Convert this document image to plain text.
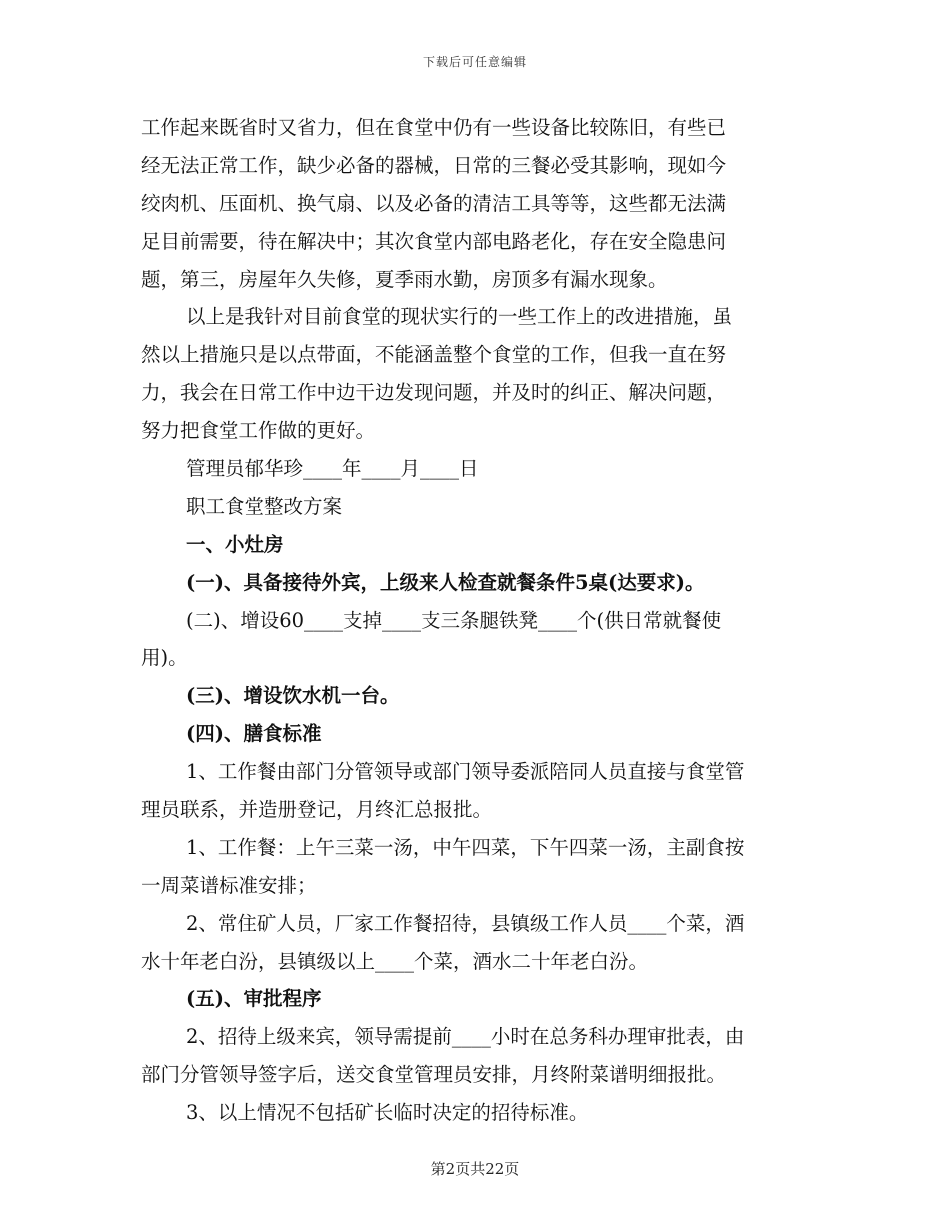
下载后可任意编辑
工作起来既省时又省力，但在食堂中仍有一些设备比较陈旧，有些已
经无法正常工作，缺少必备的器械，日常的三餐必受其影响，现如今
绞肉机、压面机、换气扇、以及必备的清洁工具等等，这些都无法满
足目前需要，待在解决中；其次食堂内部电路老化，存在安全隐患问
题，第三，房屋年久失修，夏季雨水勤，房顶多有漏水现象。
以上是我针对目前食堂的现状实行的一些工作上的改进措施，虽
然以上措施只是以点带面，不能涵盖整个食堂的工作，但我一直在努
力，我会在日常工作中边干边发现问题，并及时的纠正、解决问题，
努力把食堂工作做的更好。
管理员郁华珍____年____月____日
职工食堂整改方案
一、小灶房
(一)、具备接待外宾，上级来人检查就餐条件5桌(达要求)。
(二)、增设60____支掉____支三条腿铁凳____个(供日常就餐使
用)。
(三)、增设饮水机一台。
(四)、膳食标准
1、工作餐由部门分管领导或部门领导委派陪同人员直接与食堂管
理员联系，并造册登记，月终汇总报批。
1、工作餐：上午三菜一汤，中午四菜，下午四菜一汤，主副食按
一周菜谱标准安排；
2、常住矿人员，厂家工作餐招待，县镇级工作人员____个菜，酒
水十年老白汾，县镇级以上____个菜，酒水二十年老白汾。
(五)、审批程序
2、招待上级来宾，领导需提前____小时在总务科办理审批表，由
部门分管领导签字后，送交食堂管理员安排，月终附菜谱明细报批。
3、以上情况不包括矿长临时决定的招待标准。
第2页共22页
